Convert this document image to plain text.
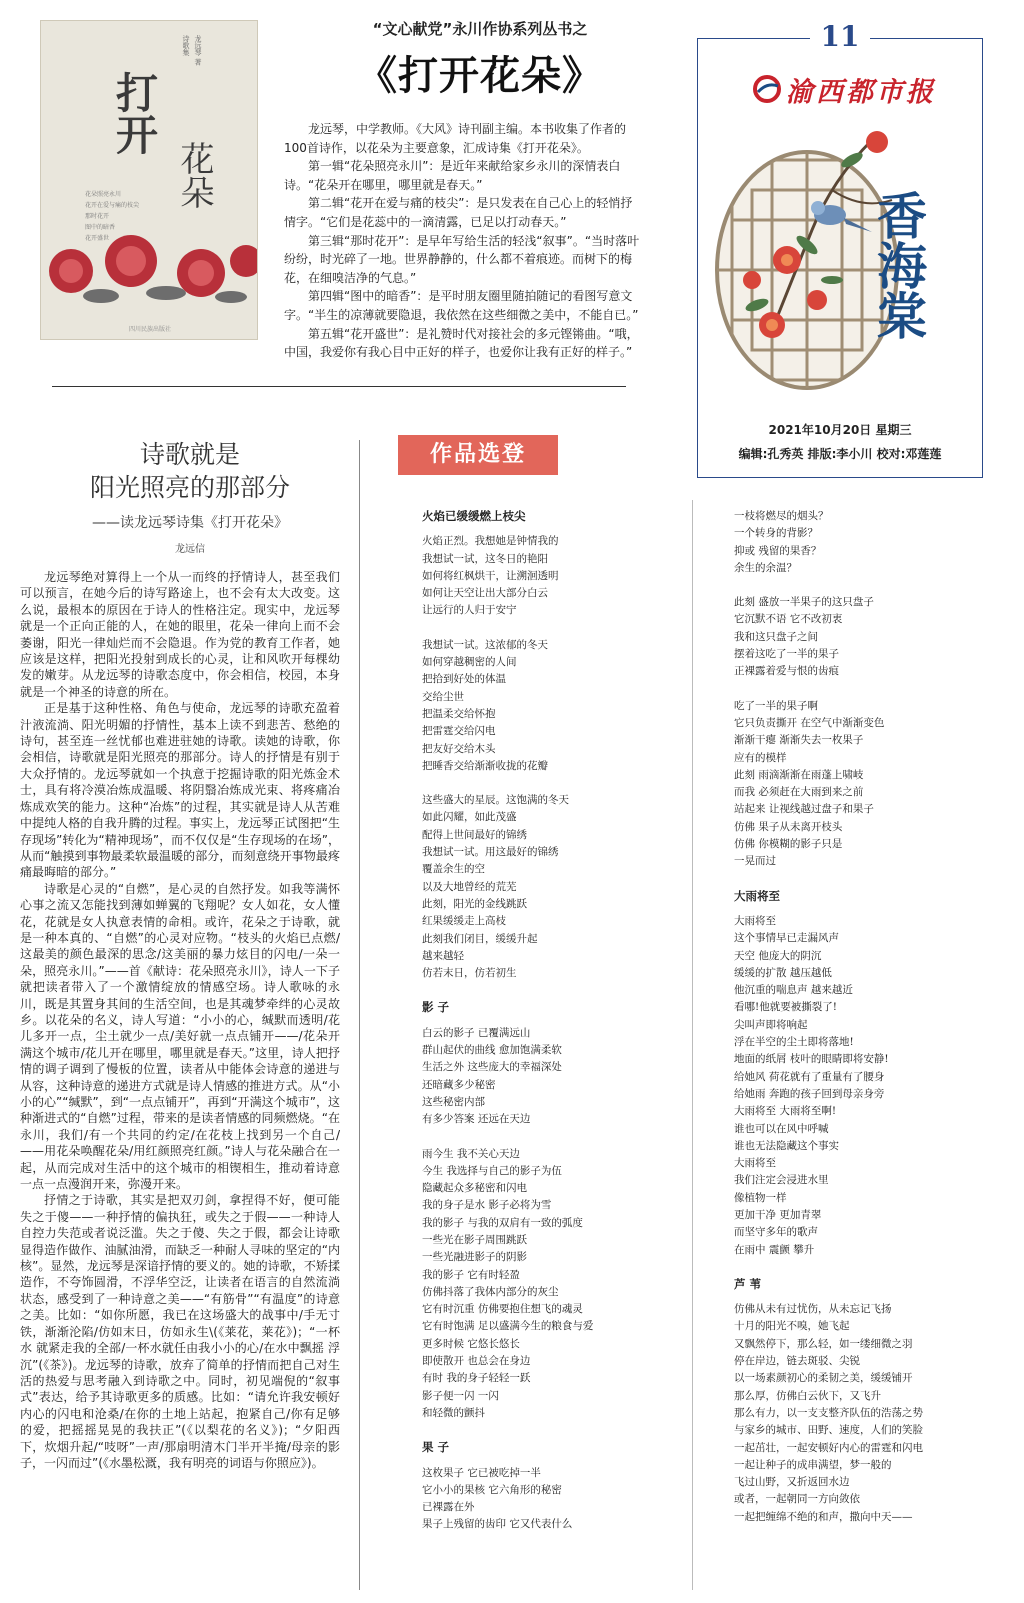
打开
花朵
诗歌集 龙远琴 著
花朵照亮永川
花开在爱与痛的枝尖
那时花开
图中的暗香
花开盛世
四川民族出版社
“文心献党”永川作协系列丛书之
《打开花朵》

龙远琴，中学教师。《大风》诗刊副主编。本书收集了作者的100首诗作，以花朵为主要意象，汇成诗集《打开花朵》。

第一辑“花朵照亮永川”：是近年来献给家乡永川的深情表白诗。“花朵开在哪里，哪里就是春天。”

第二辑“花开在爱与痛的枝尖”：是只发表在自己心上的轻悄抒情字。“它们是花蕊中的一滴清露，已足以打动春天。”

第三辑“那时花开”：是早年写给生活的轻浅“叙事”。“当时落叶纷纷，时光碎了一地。世界静静的，什么都不着痕迹。而树下的梅花，在细嗅洁净的气息。”

第四辑“图中的暗香”：是平时朋友圈里随拍随记的看图写意文字。“半生的凉薄就要隐退，我依然在这些细微之美中，不能自已。”

第五辑“花开盛世”：是礼赞时代对接社会的多元铿锵曲。“哦，中国，我爱你有我心目中正好的样子，也爱你让我有正好的样子。”

11
渝西都市报
香海棠
2021年10月20日 星期三
编辑:孔秀英 排版:李小川 校对:邓莲莲
诗歌就是
阳光照亮的那部分
——读龙远琴诗集《打开花朵》
龙远信

龙远琴绝对算得上一个从一而终的抒情诗人，甚至我们可以预言，在她今后的诗写路途上，也不会有太大改变。这么说，最根本的原因在于诗人的性格注定。现实中，龙远琴就是一个正向正能的人，在她的眼里，花朵一律向上而不会萎谢，阳光一律灿烂而不会隐退。作为党的教育工作者，她应该是这样，把阳光投射到成长的心灵，让和风吹开每棵幼发的嫩芽。从龙远琴的诗歌态度中，你会相信，校园，本身就是一个神圣的诗意的所在。

正是基于这种性格、角色与使命，龙远琴的诗歌充盈着汁液流淌、阳光明媚的抒情性，基本上读不到悲苦、愁绝的诗句，甚至连一丝忧郁也难进驻她的诗歌。读她的诗歌，你会相信，诗歌就是阳光照亮的那部分。诗人的抒情是有别于大众抒情的。龙远琴就如一个执意于挖掘诗歌的阳光炼金术士，具有将冷漠冶炼成温暖、将阴翳冶炼成光束、将疼痛冶炼成欢笑的能力。这种“冶炼”的过程，其实就是诗人从苦难中提纯人格的自我升腾的过程。事实上，龙远琴正试图把“生存现场”转化为“精神现场”，而不仅仅是“生存现场的在场”，从而“触摸到事物最柔软最温暖的部分，而刻意绕开事物最疼痛最晦暗的部分。”

诗歌是心灵的“自燃”，是心灵的自然抒发。如我等满怀心事之流又怎能找到薄如蝉翼的飞翔呢？女人如花，女人懂花，花就是女人执意表情的命相。或许，花朵之于诗歌，就是一种本真的、“自燃”的心灵对应物。“枝头的火焰已点燃/这最美的颜色最深的思念/这美丽的暴力炫目的闪电/一朵一朵，照亮永川。”——首《献诗：花朵照亮永川》，诗人一下子就把读者带入了一个激情绽放的情感空场。诗人歌咏的永川，既是其置身其间的生活空间，也是其魂梦牵绊的心灵故乡。以花朵的名义，诗人写道：“小小的心，缄默而透明/花儿多开一点，尘土就少一点/美好就一点点铺开——/花朵开满这个城市/花儿开在哪里，哪里就是春天。”这里，诗人把抒情的调子调到了慢板的位置，读者从中能体会诗意的递进与从容，这种诗意的递进方式就是诗人情感的推进方式。从“小小的心”“缄默”，到“一点点铺开”，再到“开满这个城市”，这种渐进式的“自燃”过程，带来的是读者情感的同频燃烧。“在永川，我们/有一个共同的约定/在花枝上找到另一个自己/——用花朵唤醒花朵/用红颜照亮红颜。”诗人与花朵融合在一起，从而完成对生活中的这个城市的相锲相生，推动着诗意一点一点漫润开来，弥漫开来。

抒情之于诗歌，其实是把双刃剑，拿捏得不好，便可能失之于傻——一种抒情的偏执狂，或失之于假——一种诗人自控力失范或者说泛滥。失之于傻、失之于假，都会让诗歌显得造作做作、油腻油滑，而缺乏一种耐人寻味的坚定的“内核”。显然，龙远琴是深谙抒情的要义的。她的诗歌，不矫揉造作，不夸饰圆滑，不浮华空泛，让读者在语言的自然流淌状态，感受到了一种诗意之美——“有筋骨”“有温度”的诗意之美。比如：“如你所愿，我已在这场盛大的战事中/手无寸铁，渐渐沦陷/仿如末日，仿如永生\(《莱花，莱花》)；“一杯水 就紧走我的全部/一杯水就任由我小小的心/在水中飘摇 浮沉”(《茶》)。龙远琴的诗歌，放弃了简单的抒情而把自己对生活的热爱与思考融入到诗歌之中。同时，初见端倪的“叙事式”表达，给予其诗歌更多的质感。比如：“请允许我安顿好内心的闪电和沧桑/在你的土地上站起，抱紧自己/你有足够的爱，把摇摇晃晃的我扶正”(《以梨花的名义》)；“夕阳西下，炊烟升起/“吱呀”一声/那扇明清木门半开半掩/母亲的影子，一闪而过”(《水墨松溉，我有明亮的词语与你照应》)。

作品选登
火焰已缓缓燃上枝尖
火焰正烈。我想她是钟情我的
我想试一试，这冬日的艳阳
如何将红枫烘干，让溯洄透明
如何让天空让出大部分白云
让远行的人归于安宁
我想试一试。这浓郁的冬天
如何穿越稠密的人间
把拾到好处的体温
交给尘世
把温柔交给怀抱
把雷霆交给闪电
把友好交给木头
把睡香交给渐渐收拢的花瓣
这些盛大的星辰。这饱满的冬天
如此闪耀，如此茂盛
配得上世间最好的锦绣
我想试一试。用这最好的锦绣
覆盖余生的空
以及大地曾经的荒芜
此刻，阳光的金线跳跃
红果缓缓走上高枝
此刻我们闭目，缓缓升起
越来越轻
仿若末日，仿若初生
影 子
白云的影子 已覆满远山
群山起伏的曲线 愈加饱满柔软
生活之外 这些庞大的幸福深处
还暗藏多少秘密
这些秘密内部
有多少答案 还远在天边
雨今生 我不关心天边
今生 我选择与自己的影子为伍
隐藏起众多秘密和闪电
我的身子是水 影子必将为雪
我的影子 与我的双肩有一致的弧度
一些光在影子周围跳跃
一些光融进影子的阴影
我的影子 它有时轻盈
仿佛抖落了我体内部分的灰尘
它有时沉重 仿佛要抱住想飞的魂灵
它有时饱满 足以盛满今生的粮食与爱
更多时候 它悠长悠长
即使散开 也总会在身边
有时 我的身子轻轻一跃
影子便一闪 一闪
和轻微的颤抖
果 子
这枚果子 它已被吃掉一半
它小小的果核 它六角形的秘密
已裸露在外
果子上残留的齿印 它又代表什么
一枝将燃尽的烟头？
一个转身的背影？
抑或 残留的果香？
余生的余温？
此刻 盛放一半果子的这只盘子
它沉默不语 它不改初衷
我和这只盘子之间
摆着这吃了一半的果子
正裸露着爱与恨的齿痕
吃了一半的果子啊
它只负责撕开 在空气中渐渐变色
渐渐干瘪 渐渐失去一枚果子
应有的模样
此刻 雨滴渐渐在雨蓬上啸岐
而我 必须赶在大雨到来之前
站起来 让视线越过盘子和果子
仿佛 果子从未离开枝头
仿佛 你模糊的影子只是
一晃而过
大雨将至
大雨将至
这个事情早已走漏风声
天空 他庞大的阴沉
缓缓的扩散 越压越低
他沉重的喘息声 越来越近
看哪!他就要被撕裂了!
尖叫声即将响起
浮在半空的尘土即将落地!
地面的纸屑 枝叶的眼睛即将安静!
给她风 荷花就有了重量有了腰身
给她雨 奔跑的孩子回到母亲身旁
大雨将至 大雨将至啊!
谁也可以在风中呼喊
谁也无法隐藏这个事实
大雨将至
我们注定会浸进水里
像植物一样
更加干净 更加青翠
而坚守多年的歌声
在雨中 震颤 攀升
芦 苇
仿佛从未有过忧伤，从未忘记飞扬
十月的阳光不嗅，她飞起
又飘然停下，那么轻，如一缕细微之羽
停在岸边，链去斑驳、尖锐
以一场素颜初心的柔韧之美，缓缓铺开
那么厚，仿佛白云伙下，又飞升
那么有力，以一支支整齐队伍的浩荡之势
与家乡的城市、田野、速度，人们的笑脸
一起茁壮，一起安顿好内心的雷霆和闪电
一起让种子的成串满望，梦一般的
飞过山野，又折返回水边
或者，一起朝同一方向敛依
一起把缠绵不绝的和声，撒向中天——
